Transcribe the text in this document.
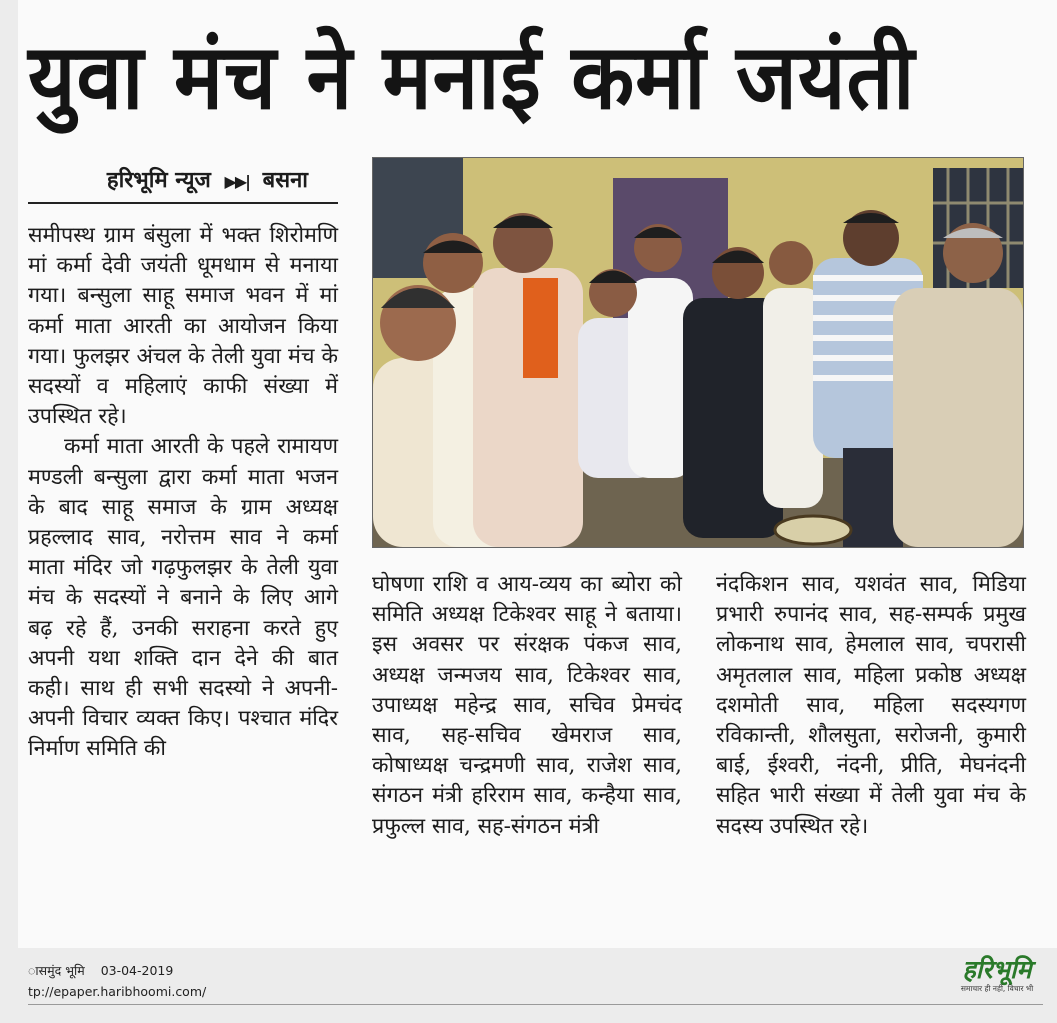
युवा मंच ने मनाई कर्मा जयंती
हरिभूमि न्यूज ▶▶| बसना

समीपस्थ ग्राम बंसुला में भक्त शिरोमणि मां कर्मा देवी जयंती धूमधाम से मनाया गया। बन्सुला साहू समाज भवन में मां कर्मा माता आरती का आयोजन किया गया। फुलझर अंचल के तेली युवा मंच के सदस्यों व महिलाएं काफी संख्या में उपस्थित रहे।

कर्मा माता आरती के पहले रामायण मण्डली बन्सुला द्वारा कर्मा माता भजन के बाद साहू समाज के ग्राम अध्यक्ष प्रहल्लाद साव, नरोत्तम साव ने कर्मा माता मंदिर जो गढ़फुलझर के तेली युवा मंच के सदस्यों ने बनाने के लिए आगे बढ़ रहे हैं, उनकी सराहना करते हुए अपनी यथा शक्ति दान देने की बात कही। साथ ही सभी सदस्यो ने अपनी-अपनी विचार व्यक्त किए। पश्चात मंदिर निर्माण समिति की

घोषणा राशि व आय-व्यय का ब्योरा को समिति अध्यक्ष टिकेश्वर साहू ने बताया। इस अवसर पर संरक्षक पंकज साव, अध्यक्ष जन्मजय साव, टिकेश्वर साव, उपाध्यक्ष महेन्द्र साव, सचिव प्रेमचंद साव, सह-सचिव खेमराज साव, कोषाध्यक्ष चन्द्रमणी साव, राजेश साव, संगठन मंत्री हरिराम साव, कन्हैया साव, प्रफुल्ल साव, सह-संगठन मंत्री

नंदकिशन साव, यशवंत साव, मिडिया प्रभारी रुपानंद साव, सह-सम्पर्क प्रमुख लोकनाथ साव, हेमलाल साव, चपरासी अमृतलाल साव, महिला प्रकोष्ठ अध्यक्ष दशमोती साव, महिला सदस्यगण रविकान्ती, शौलसुता, सरोजनी, कुमारी बाई, ईश्वरी, नंदनी, प्रीति, मेघनंदनी सहित भारी संख्या में तेली युवा मंच के सदस्य उपस्थित रहे।

ासमुंद भूमि 03-04-2019
tp://epaper.haribhoomi.com/
हरिभूमि
समाचार ही नहीं, विचार भी
